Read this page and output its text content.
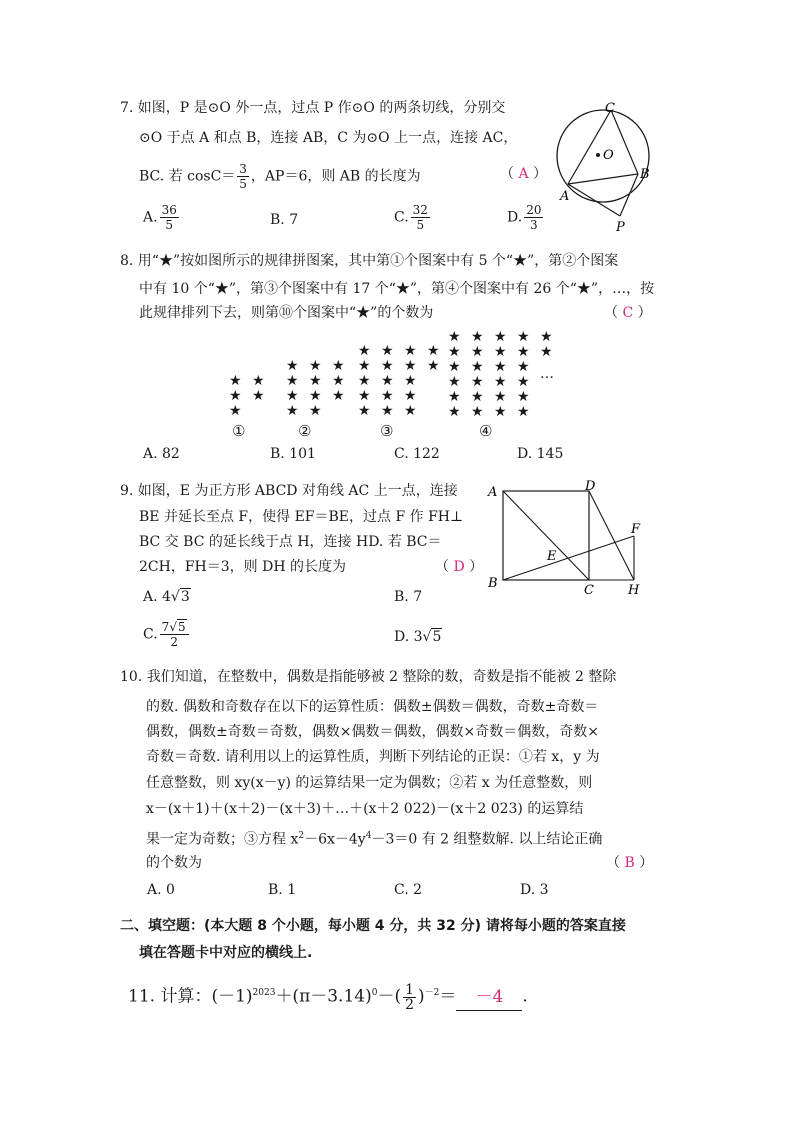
7. 如图，P 是⊙O 外一点，过点 P 作⊙O 的两条切线，分别交
⊙O 于点 A 和点 B，连接 AB，C 为⊙O 上一点，连接 AC，
BC. 若 $\cos C= \frac{3}{5}$ ，AP＝6，则 AB 的长度为	（ A ）
A. $\frac{36}{5}$	B. 7	C. $\frac{32}{5}$	D. $\frac{20}{3}$
C
O
A
B
P
8. 用“★”按如图所示的规律拼图案，其中第①个图案中有 5 个“★”，第②个图案
中有 10 个“★”，第③个图案中有 17 个“★”，第④个图案中有 26 个“★”，…，按
此规律排列下去，则第⑩个图案中“★”的个数为	（ C ）
★ ★
★ ★
★
①
★ ★ ★
★ ★ ★
★ ★ ★
★ ★
②
★ ★ ★ ★
★ ★ ★ ★
★ ★ ★
★ ★ ★
★ ★ ★
③
★ ★ ★ ★ ★
★ ★ ★ ★ ★
★ ★ ★ ★
★ ★ ★ ★
★ ★ ★ ★
★ ★ ★ ★
④
…
A. 82	B. 101	C. 122	D. 145
9. 如图，E 为正方形 ABCD 对角线 AC 上一点，连接
BE 并延长至点 F，使得 EF＝BE，过点 F 作 FH⊥
BC 交 BC 的延长线于点 H，连接 HD. 若 BC＝
2CH，FH＝3，则 DH 的长度为	（ D ）
A. 4√3	B. 7
C. $\frac{7√5}{2}$	D. 3√5
A	D
F
E
B	C	H
10. 我们知道，在整数中，偶数是指能够被 2 整除的数，奇数是指不能被 2 整除
的数. 偶数和奇数存在以下的运算性质：偶数±偶数＝偶数，奇数±奇数＝
偶数，偶数±奇数＝奇数，偶数×偶数＝偶数，偶数×奇数＝偶数，奇数×
奇数＝奇数. 请利用以上的运算性质，判断下列结论的正误：①若 x，y 为
任意整数，则 xy(x－y) 的运算结果一定为偶数；②若 x 为任意整数，则
x－(x＋1)＋(x＋2)－(x＋3)＋…＋(x＋2 022)－(x＋2 023) 的运算结
果一定为奇数；③方程 $x^2-6x-4y^4-3=0$ 有 2 组整数解. 以上结论正确
的个数为	（ B ）
A. 0	B. 1	C. 2	D. 3
二、填空题：(本大题 8 个小题，每小题 4 分，共 32 分) 请将每小题的答案直接
填在答题卡中对应的横线上.
11. 计算：$(-1)^{2023}+(\pi-3.14)^0-( \frac{1}{2} )^{-2}= -4$ .
